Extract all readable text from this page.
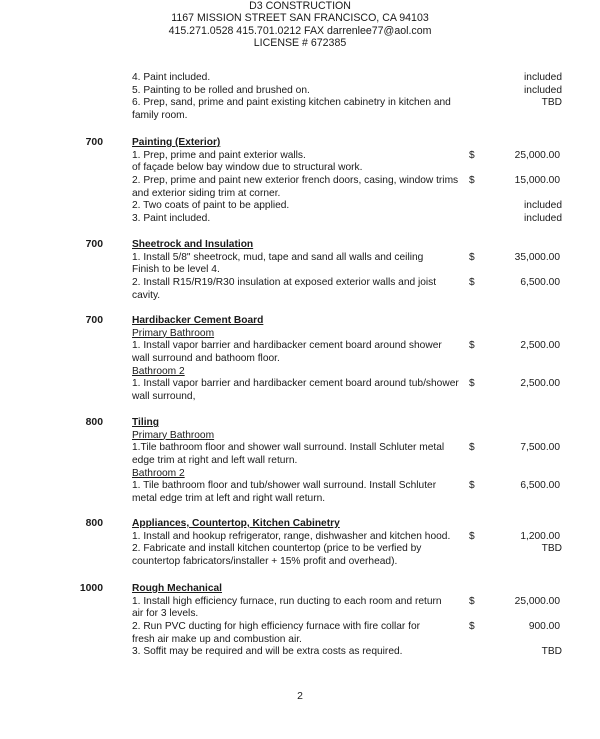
D3 CONSTRUCTION
1167 MISSION STREET SAN FRANCISCO, CA 94103
415.271.0528 415.701.0212 FAX darrenlee77@aol.com
LICENSE # 672385
4. Paint included.	included
5. Painting to be rolled and brushed on.	included
6. Prep, sand, prime and paint existing kitchen cabinetry in kitchen and	TBD
family room.
700	Painting (Exterior)
1. Prep, prime and paint exterior walls.	$	25,000.00
of façade below bay window due to structural work.
2. Prep, prime and paint new exterior french doors, casing, window trims $	15,000.00
and exterior siding trim at corner.
2. Two coats of paint to be applied.	included
3. Paint included.	included
700	Sheetrock and Insulation
1. Install 5/8" sheetrock, mud, tape and sand all walls and ceiling	$	35,000.00
Finish to be level 4.
2. Install R15/R19/R30 insulation at exposed exterior walls and joist	$	6,500.00
cavity.
700	Hardibacker Cement Board
Primary Bathroom
1. Install vapor barrier and hardibacker cement board around shower	$	2,500.00
wall surround and bathoom floor.
Bathroom 2
1. Install vapor barrier and hardibacker cement board around tub/shower $	2,500.00
wall surround,
800	Tiling
Primary Bathroom
1.Tile bathroom floor and shower wall surround. Install Schluter metal $	7,500.00
edge trim at right and left wall return.
Bathroom 2
1. Tile bathroom floor and tub/shower wall surround. Install Schluter	$	6,500.00
metal edge trim at left and right wall return.
800	Appliances, Countertop, Kitchen Cabinetry
1. Install and hookup refrigerator, range, dishwasher and kitchen hood. $	1,200.00
2. Fabricate and install kitchen countertop (price to be verfied by	TBD
countertop fabricators/installer + 15% profit and overhead).
1000	Rough Mechanical
1. Install high efficiency furnace, run ducting to each room and return	$	25,000.00
air for 3 levels.
2. Run PVC ducting for high efficiency furnace with fire collar for	$	900.00
fresh air make up and combustion air.
3. Soffit may be required and will be extra costs as required.	TBD
2
